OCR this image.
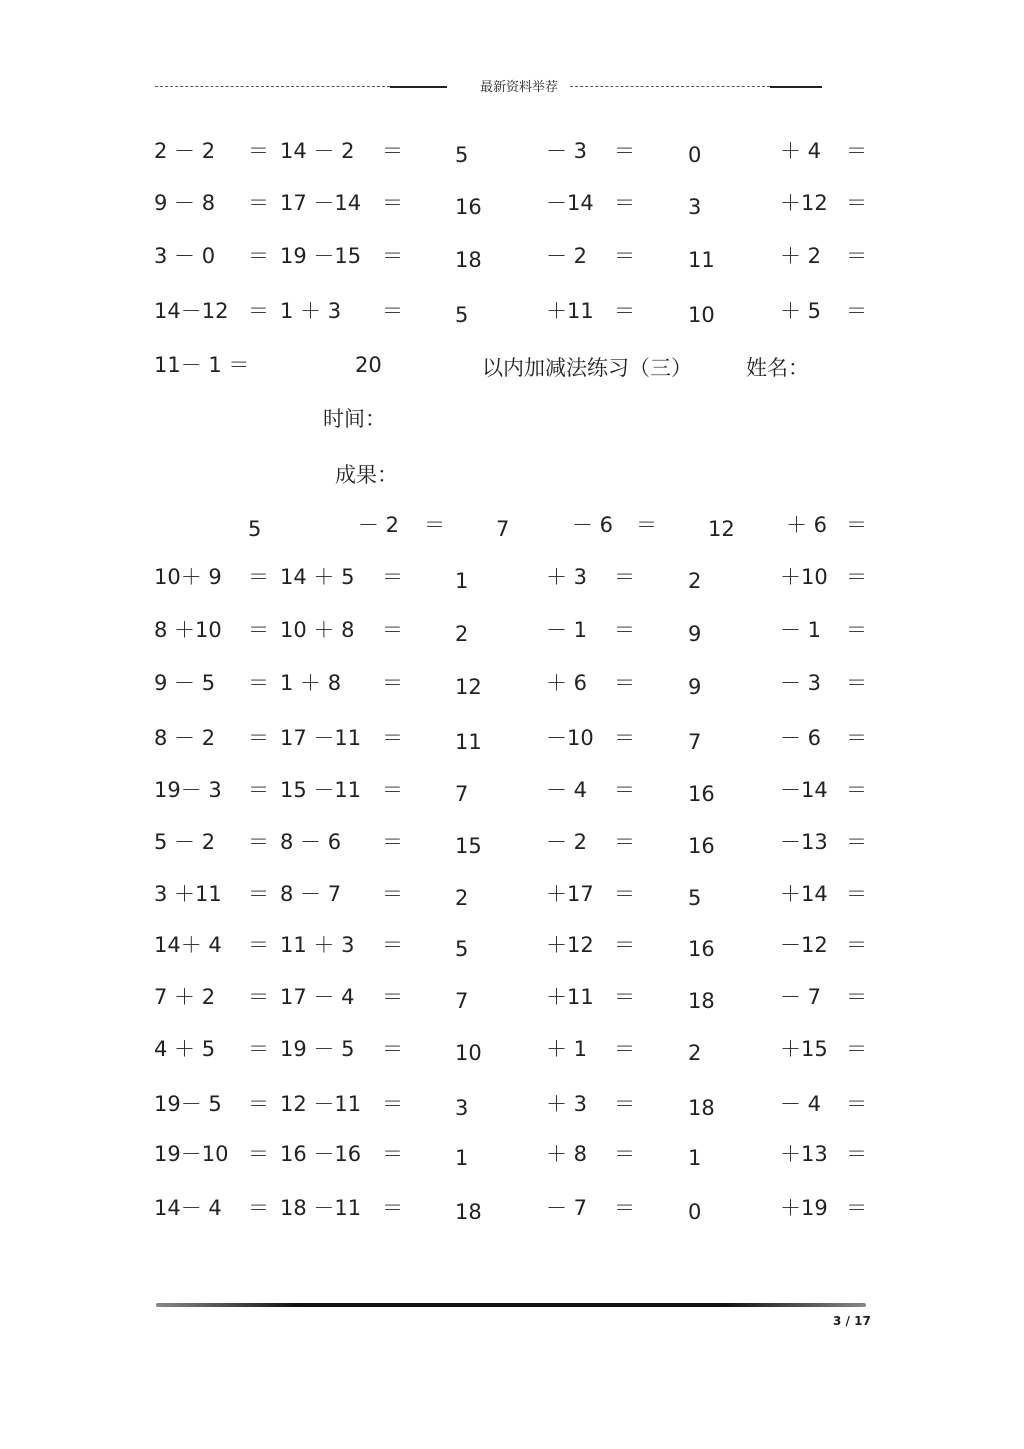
最新资料举荐
2 － 2 ＝ 14 － 2 ＝ 5	－ 3 ＝	0	＋ 4 ＝
9 － 8 ＝ 17 －14 ＝ 16	－14 ＝	3	＋12 ＝
3 － 0 ＝ 19 －15 ＝ 18	－ 2 ＝	11	＋ 2 ＝
14－12 ＝ 1 ＋ 3 ＝ 5	＋11 ＝	10	＋ 5 ＝
11－ 1 ＝	20	以内加减法练习（三）	姓名：
时间：
成果：
5	－ 2 ＝ 7	－ 6 ＝ 12 ＋ 6 ＝
10＋ 9 ＝ 14 ＋ 5 ＝ 1	＋ 3 ＝	2	＋10 ＝
8 ＋10 ＝ 10 ＋ 8 ＝ 2	－ 1 ＝	9	－ 1 ＝
9 － 5 ＝ 1 ＋ 8 ＝ 12	＋ 6 ＝	9	－ 3 ＝
8 － 2 ＝ 17 －11 ＝ 11	－10 ＝	7	－ 6 ＝
19－ 3 ＝ 15 －11 ＝ 7	－ 4 ＝	16	－14 ＝
5 － 2 ＝ 8 － 6 ＝ 15	－ 2 ＝	16	－13 ＝
3 ＋11 ＝ 8 － 7 ＝ 2	＋17 ＝	5	＋14 ＝
14＋ 4 ＝ 11 ＋ 3 ＝ 5	＋12 ＝	16	－12 ＝
7 ＋ 2 ＝ 17 － 4 ＝ 7	＋11 ＝	18	－ 7 ＝
4 ＋ 5 ＝ 19 － 5 ＝ 10	＋ 1 ＝	2	＋15 ＝
19－ 5 ＝ 12 －11 ＝ 3	＋ 3 ＝	18	－ 4 ＝
19－10 ＝ 16 －16 ＝ 1	＋ 8 ＝	1	＋13 ＝
14－ 4 ＝ 18 －11 ＝ 18	－ 7 ＝	0	＋19 ＝
3 / 17
